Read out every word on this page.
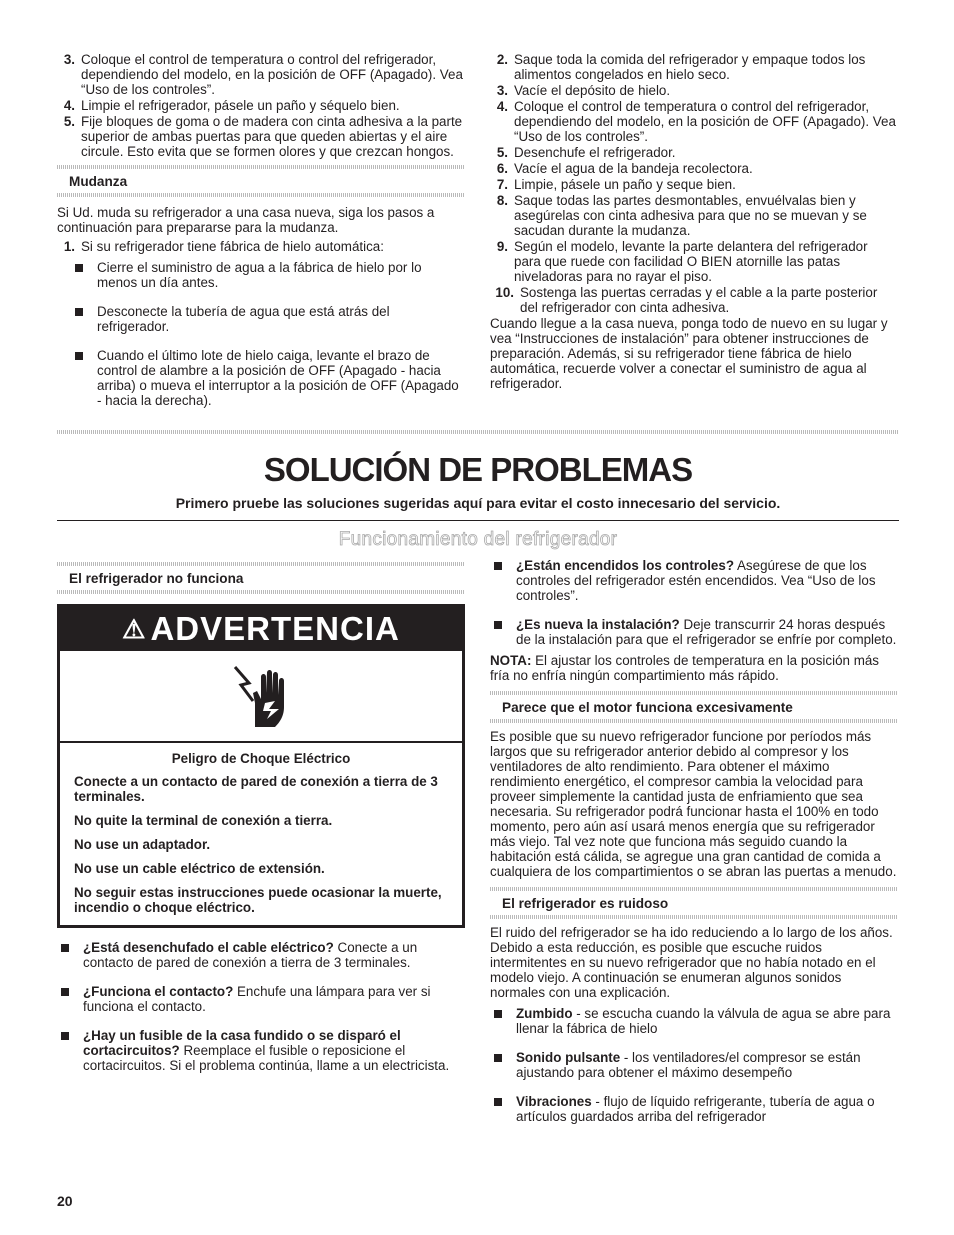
3. Coloque el control de temperatura o control del refrigerador, dependiendo del modelo, en la posición de OFF (Apagado). Vea “Uso de los controles”.
4. Limpie el refrigerador, pásele un paño y séquelo bien.
5. Fije bloques de goma o de madera con cinta adhesiva a la parte superior de ambas puertas para que queden abiertas y el aire circule. Esto evita que se formen olores y que crezcan hongos.
Mudanza

Si Ud. muda su refrigerador a una casa nueva, siga los pasos a continuación para prepararse para la mudanza.

1. Si su refrigerador tiene fábrica de hielo automática:
Cierre el suministro de agua a la fábrica de hielo por lo menos un día antes.
Desconecte la tubería de agua que está atrás del refrigerador.
Cuando el último lote de hielo caiga, levante el brazo de control de alambre a la posición de OFF (Apagado - hacia arriba) o mueva el interruptor a la posición de OFF (Apagado - hacia la derecha).
2. Saque toda la comida del refrigerador y empaque todos los alimentos congelados en hielo seco.
3. Vacíe el depósito de hielo.
4. Coloque el control de temperatura o control del refrigerador, dependiendo del modelo, en la posición de OFF (Apagado). Vea “Uso de los controles”.
5. Desenchufe el refrigerador.
6. Vacíe el agua de la bandeja recolectora.
7. Limpie, pásele un paño y seque bien.
8. Saque todas las partes desmontables, envuélvalas bien y asegúrelas con cinta adhesiva para que no se muevan y se sacudan durante la mudanza.
9. Según el modelo, levante la parte delantera del refrigerador para que ruede con facilidad O BIEN atornille las patas niveladoras para no rayar el piso.
10. Sostenga las puertas cerradas y el cable a la parte posterior del refrigerador con cinta adhesiva.

Cuando llegue a la casa nueva, ponga todo de nuevo en su lugar y vea “Instrucciones de instalación” para obtener instrucciones de preparación. Además, si su refrigerador tiene fábrica de hielo automática, recuerde volver a conectar el suministro de agua al refrigerador.

SOLUCIÓN DE PROBLEMAS
Primero pruebe las soluciones sugeridas aquí para evitar el costo innecesario del servicio.
Funcionamiento del refrigerador
El refrigerador no funciona
⚠ ADVERTENCIA
Peligro de Choque Eléctrico
Conecte a un contacto de pared de conexión a tierra de 3 terminales.
No quite la terminal de conexión a tierra.
No use un adaptador.
No use un cable eléctrico de extensión.
No seguir estas instrucciones puede ocasionar la muerte, incendio o choque eléctrico.
¿Está desenchufado el cable eléctrico? Conecte a un contacto de pared de conexión a tierra de 3 terminales.
¿Funciona el contacto? Enchufe una lámpara para ver si funciona el contacto.
¿Hay un fusible de la casa fundido o se disparó el cortacircuitos? Reemplace el fusible o reposicione el cortacircuitos. Si el problema continúa, llame a un electricista.
¿Están encendidos los controles? Asegúrese de que los controles del refrigerador estén encendidos. Vea “Uso de los controles”.
¿Es nueva la instalación? Deje transcurrir 24 horas después de la instalación para que el refrigerador se enfríe por completo.

NOTA: El ajustar los controles de temperatura en la posición más fría no enfría ningún compartimiento más rápido.

Parece que el motor funciona excesivamente

Es posible que su nuevo refrigerador funcione por períodos más largos que su refrigerador anterior debido al compresor y los ventiladores de alto rendimiento. Para obtener el máximo rendimiento energético, el compresor cambia la velocidad para proveer simplemente la cantidad justa de enfriamiento que sea necesaria. Su refrigerador podrá funcionar hasta el 100% en todo momento, pero aún así usará menos energía que su refrigerador más viejo. Tal vez note que funciona más seguido cuando la habitación está cálida, se agregue una gran cantidad de comida a cualquiera de los compartimientos o se abran las puertas a menudo.

El refrigerador es ruidoso

El ruido del refrigerador se ha ido reduciendo a lo largo de los años. Debido a esta reducción, es posible que escuche ruidos intermitentes en su nuevo refrigerador que no había notado en el modelo viejo. A continuación se enumeran algunos sonidos normales con una explicación.

Zumbido - se escucha cuando la válvula de agua se abre para llenar la fábrica de hielo
Sonido pulsante - los ventiladores/el compresor se están ajustando para obtener el máximo desempeño
Vibraciones - flujo de líquido refrigerante, tubería de agua o artículos guardados arriba del refrigerador
20
